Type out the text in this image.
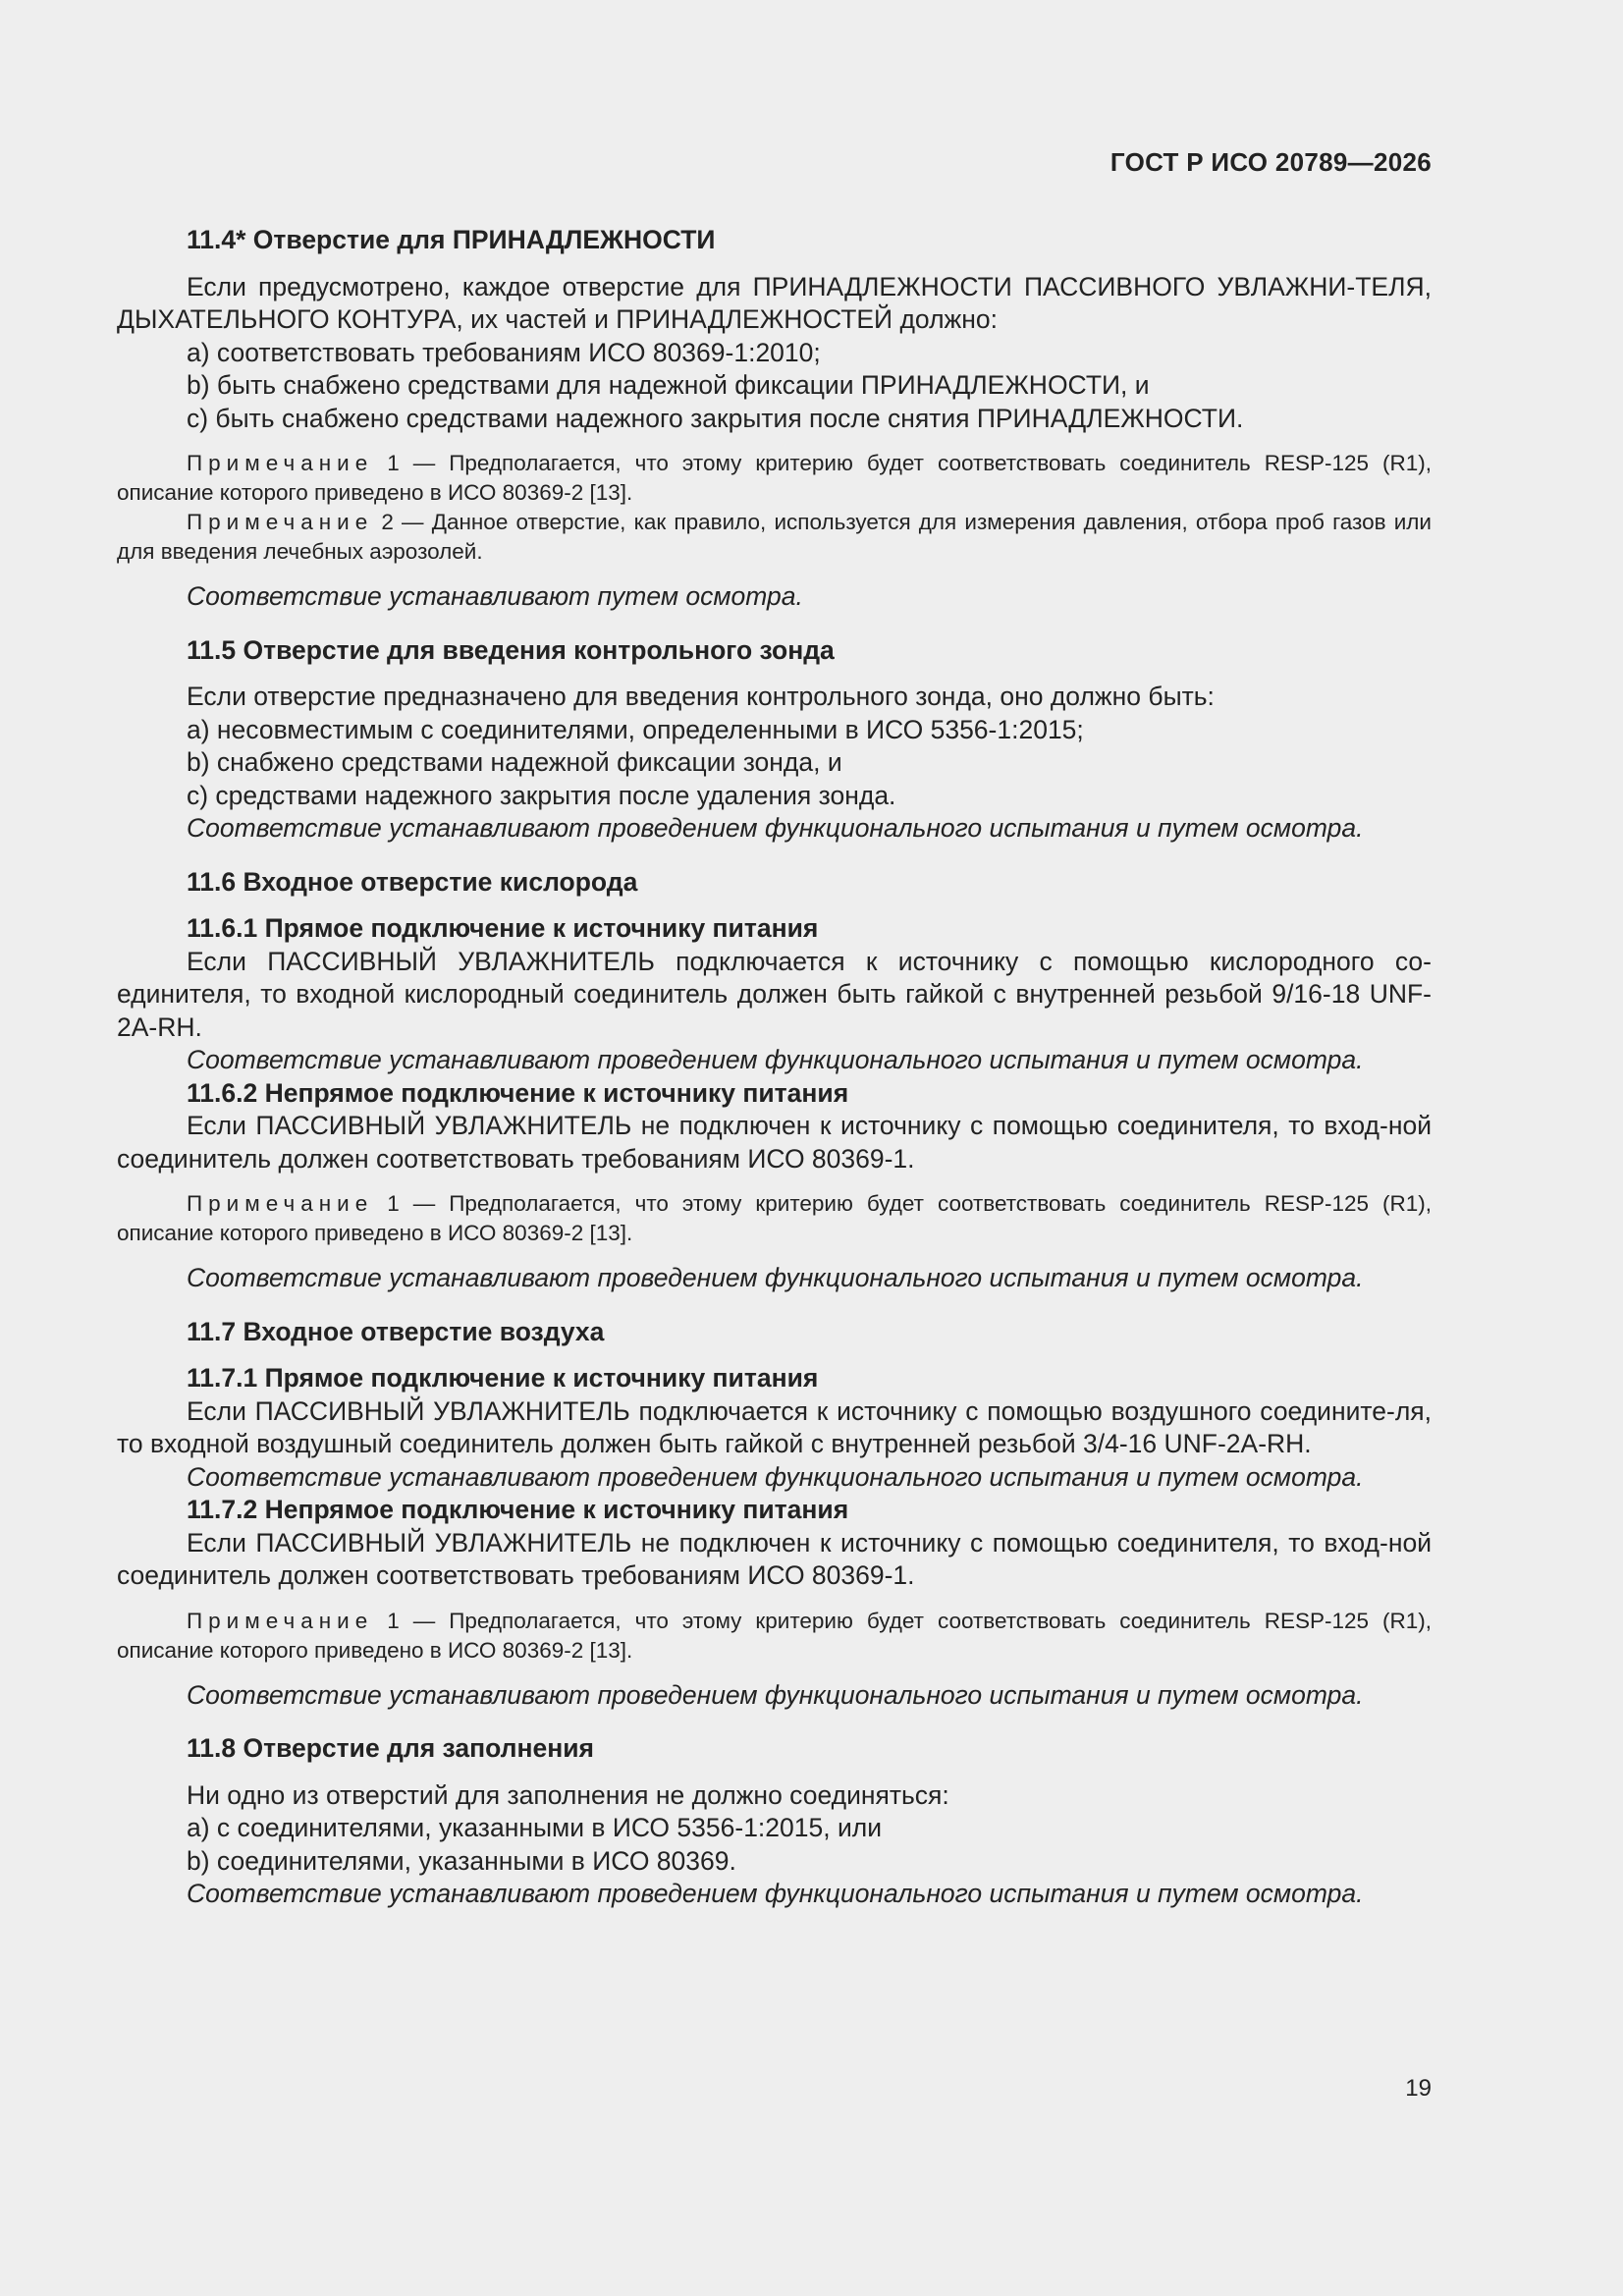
ГОСТ Р ИСО 20789—2026
11.4* Отверстие для ПРИНАДЛЕЖНОСТИ
Если предусмотрено, каждое отверстие для ПРИНАДЛЕЖНОСТИ ПАССИВНОГО УВЛАЖНИ-ТЕЛЯ, ДЫХАТЕЛЬНОГО КОНТУРА, их частей и ПРИНАДЛЕЖНОСТЕЙ должно:
a) соответствовать требованиям ИСО 80369-1:2010;
b) быть снабжено средствами для надежной фиксации ПРИНАДЛЕЖНОСТИ, и
c) быть снабжено средствами надежного закрытия после снятия ПРИНАДЛЕЖНОСТИ.
Примечание 1 — Предполагается, что этому критерию будет соответствовать соединитель RESP-125 (R1), описание которого приведено в ИСО 80369-2 [13].
Примечание 2 — Данное отверстие, как правило, используется для измерения давления, отбора проб газов или для введения лечебных аэрозолей.
Соответствие устанавливают путем осмотра.
11.5 Отверстие для введения контрольного зонда
Если отверстие предназначено для введения контрольного зонда, оно должно быть:
a) несовместимым с соединителями, определенными в ИСО 5356-1:2015;
b) снабжено средствами надежной фиксации зонда, и
c) средствами надежного закрытия после удаления зонда.
Соответствие устанавливают проведением функционального испытания и путем осмотра.
11.6 Входное отверстие кислорода
11.6.1 Прямое подключение к источнику питания
Если ПАССИВНЫЙ УВЛАЖНИТЕЛЬ подключается к источнику с помощью кислородного со-единителя, то входной кислородный соединитель должен быть гайкой с внутренней резьбой 9/16-18 UNF-2A-RH.
Соответствие устанавливают проведением функционального испытания и путем осмотра.
11.6.2 Непрямое подключение к источнику питания
Если ПАССИВНЫЙ УВЛАЖНИТЕЛЬ не подключен к источнику с помощью соединителя, то вход-ной соединитель должен соответствовать требованиям ИСО 80369-1.
Примечание 1 — Предполагается, что этому критерию будет соответствовать соединитель RESP-125 (R1), описание которого приведено в ИСО 80369-2 [13].
Соответствие устанавливают проведением функционального испытания и путем осмотра.
11.7 Входное отверстие воздуха
11.7.1 Прямое подключение к источнику питания
Если ПАССИВНЫЙ УВЛАЖНИТЕЛЬ подключается к источнику с помощью воздушного соедините-ля, то входной воздушный соединитель должен быть гайкой с внутренней резьбой 3/4-16 UNF-2A-RH.
Соответствие устанавливают проведением функционального испытания и путем осмотра.
11.7.2 Непрямое подключение к источнику питания
Если ПАССИВНЫЙ УВЛАЖНИТЕЛЬ не подключен к источнику с помощью соединителя, то вход-ной соединитель должен соответствовать требованиям ИСО 80369-1.
Примечание 1 — Предполагается, что этому критерию будет соответствовать соединитель RESP-125 (R1), описание которого приведено в ИСО 80369-2 [13].
Соответствие устанавливают проведением функционального испытания и путем осмотра.
11.8 Отверстие для заполнения
Ни одно из отверстий для заполнения не должно соединяться:
a) с соединителями, указанными в ИСО 5356-1:2015, или
b) соединителями, указанными в ИСО 80369.
Соответствие устанавливают проведением функционального испытания и путем осмотра.
19
